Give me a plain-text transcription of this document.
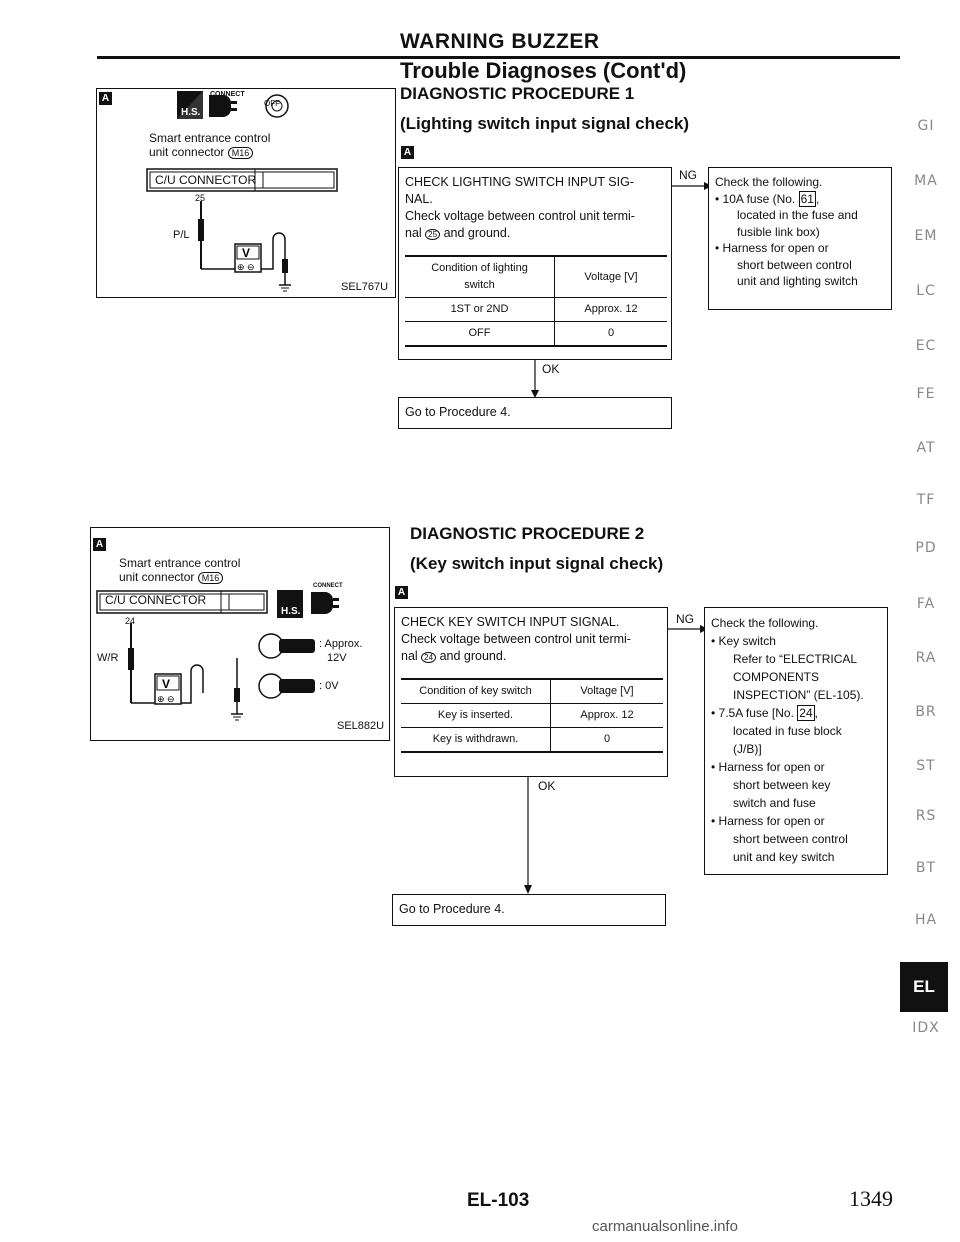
WARNING BUZZER
Trouble Diagnoses (Cont'd)
A
H.S.
V
⊕ ⊖
CONNECT
OFF
Smart entrance control
unit connector M16
C/U CONNECTOR
25
P/L
SEL767U
DIAGNOSTIC PROCEDURE 1
(Lighting switch input signal check)
A
CHECK LIGHTING SWITCH INPUT SIG-
NAL.
Check voltage between control unit termi-
nal 25 and ground.
Condition of lighting
switch	Voltage [V]
1ST or 2ND	Approx. 12
OFF	0
NG Check the following.
• 10A fuse (No. 61 ,
located in the fuse and
fusible link box)
• Harness for open or
short between control
unit and lighting switch
OK
Go to Procedure 4.
A
Smart entrance control
unit connector M16
H.S.
V
⊕ ⊖
C/U CONNECTOR
CONNECT
24
W/R
: Approx.
12V
: 0V
SEL882U
DIAGNOSTIC PROCEDURE 2
(Key switch input signal check)
A
CHECK KEY SWITCH INPUT SIGNAL.
Check voltage between control unit termi-
nal 24 and ground.
Condition of key switch	Voltage [V]
Key is inserted.	Approx. 12
Key is withdrawn.	0
NG Check the following.
• Key switch
Refer to “ELECTRICAL
COMPONENTS
INSPECTION” (EL-105).
• 7.5A fuse [No. 24 ,
located in fuse block
(J/B)]
• Harness for open or
short between key
switch and fuse
• Harness for open or
short between control
unit and key switch
OK
Go to Procedure 4.
GI
MA
EM
LC
EC
FE
AT
TF
PD
FA
RA
BR
ST
RS
BT
HA
EL
IDX
EL-103	1349
carmanualsonline.info
